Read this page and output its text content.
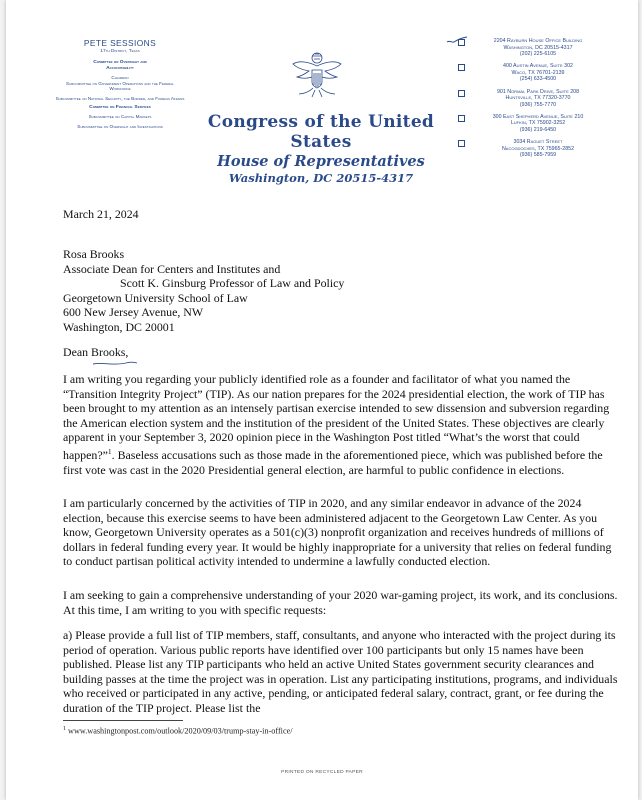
PETE SESSIONS
17th District, Texas
Committee on Oversight and Accountability
Chairman
Subcommittee on Government Operations and the Federal Workforce
Subcommittee on National Security, the Border, and Foreign Affairs
Committee on Financial Services
Subcommittee on Capital Markets
Subcommittee on Oversight and Investigations	Congress of the United States
House of Representatives
Washington, DC 20515-4317
2204 Rayburn House Office Building
Washington, DC 20515-4317
(202) 225-6105
400 Austin Avenue, Suite 302
Waco, TX 76701-2139
(254) 633-4500
901 Normal Park Drive, Suite 208
Huntsville, TX 77320-3770
(936) 755-7770
300 East Shepherd Avenue, Suite 210
Lufkin, TX 75902-3252
(936) 219-6450
3034 Raguet Street
Nacogdoches, TX 75965-2852
(936) 585-7959
March 21, 2024
Rosa Brooks
Associate Dean for Centers and Institutes and
Scott K. Ginsburg Professor of Law and Policy
Georgetown University School of Law
600 New Jersey Avenue, NW
Washington, DC 20001
Dean Brooks,

I am writing you regarding your publicly identified role as a founder and facilitator of what you named the “Transition Integrity Project” (TIP). As our nation prepares for the 2024 presidential election, the work of TIP has been brought to my attention as an intensely partisan exercise intended to sew dissension and subversion regarding the American election system and the institution of the president of the United States. These objectives are clearly apparent in your September 3, 2020 opinion piece in the Washington Post titled “What’s the worst that could happen?”$^1$. Baseless accusations such as those made in the aforementioned piece, which was published before the first vote was cast in the 2020 Presidential general election, are harmful to public confidence in elections.

I am particularly concerned by the activities of TIP in 2020, and any similar endeavor in advance of the 2024 election, because this exercise seems to have been administered adjacent to the Georgetown Law Center. As you know, Georgetown University operates as a 501(c)(3) nonprofit organization and receives hundreds of millions of dollars in federal funding every year. It would be highly inappropriate for a university that relies on federal funding to conduct partisan political activity intended to undermine a lawfully conducted election.

I am seeking to gain a comprehensive understanding of your 2020 war-gaming project, its work, and its conclusions. At this time, I am writing to you with specific requests:

a) Please provide a full list of TIP members, staff, consultants, and anyone who interacted with the project during its period of operation. Various public reports have identified over 100 participants but only 15 names have been published. Please list any TIP participants who held an active United States government security clearances and building passes at the time the project was in operation. List any participating institutions, programs, and individuals who received or participated in any active, pending, or anticipated federal salary, contract, grant, or fee during the duration of the TIP project. Please list the

$^1$ www.washingtonpost.com/outlook/2020/09/03/trump-stay-in-office/
PRINTED ON RECYCLED PAPER
